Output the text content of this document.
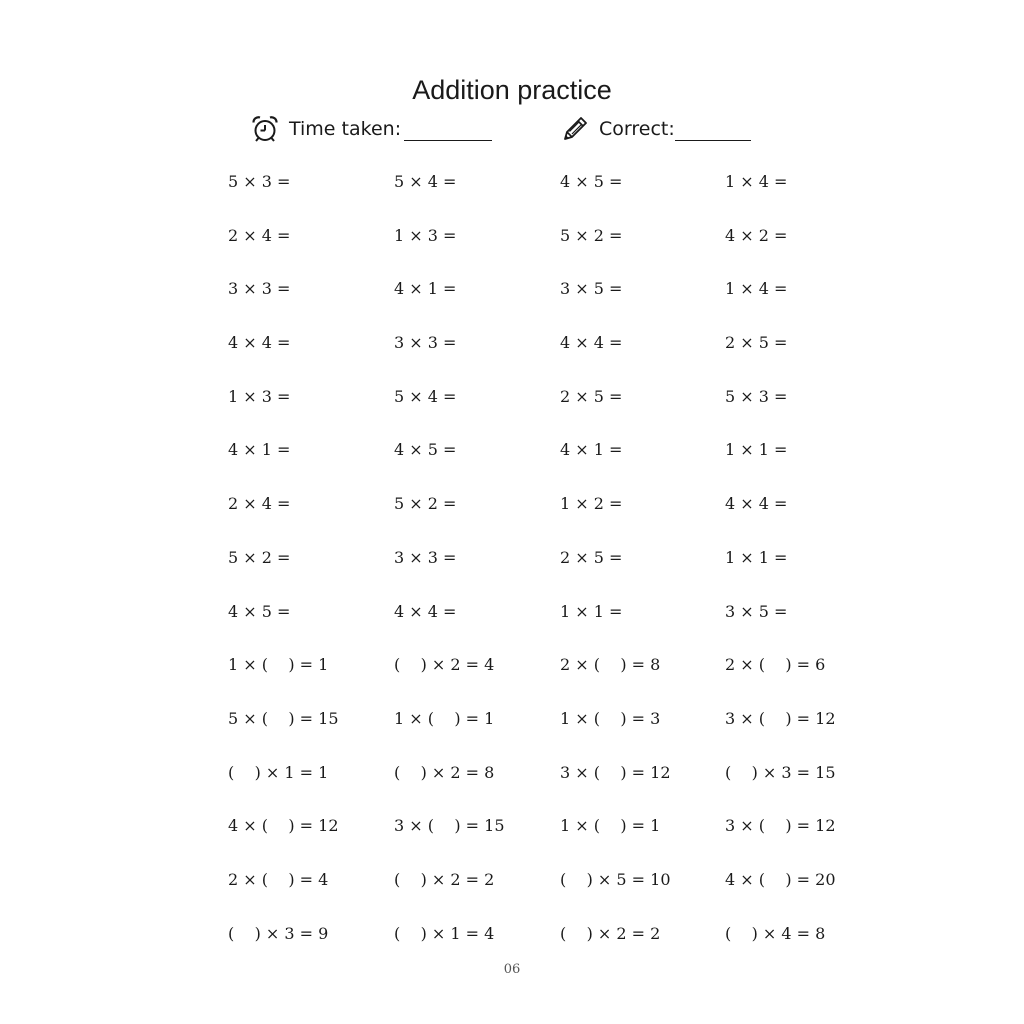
Addition practice
Time taken:	Correct:
5 × 3 =	5 × 4 =	4 × 5 =	1 × 4 =
2 × 4 =	1 × 3 =	5 × 2 =	4 × 2 =
3 × 3 =	4 × 1 =	3 × 5 =	1 × 4 =
4 × 4 =	3 × 3 =	4 × 4 =	2 × 5 =
1 × 3 =	5 × 4 =	2 × 5 =	5 × 3 =
4 × 1 =	4 × 5 =	4 × 1 =	1 × 1 =
2 × 4 =	5 × 2 =	1 × 2 =	4 × 4 =
5 × 2 =	3 × 3 =	2 × 5 =	1 × 1 =
4 × 5 =	4 × 4 =	1 × 1 =	3 × 5 =
1 × (    ) = 1	(    ) × 2 = 4	2 × (    ) = 8	2 × (    ) = 6
5 × (    ) = 15	1 × (    ) = 1	1 × (    ) = 3	3 × (    ) = 12
(    ) × 1 = 1	(    ) × 2 = 8	3 × (    ) = 12	(    ) × 3 = 15
4 × (    ) = 12	3 × (    ) = 15	1 × (    ) = 1	3 × (    ) = 12
2 × (    ) = 4	(    ) × 2 = 2	(    ) × 5 = 10	4 × (    ) = 20
(    ) × 3 = 9	(    ) × 1 = 4	(    ) × 2 = 2	(    ) × 4 = 8
06
